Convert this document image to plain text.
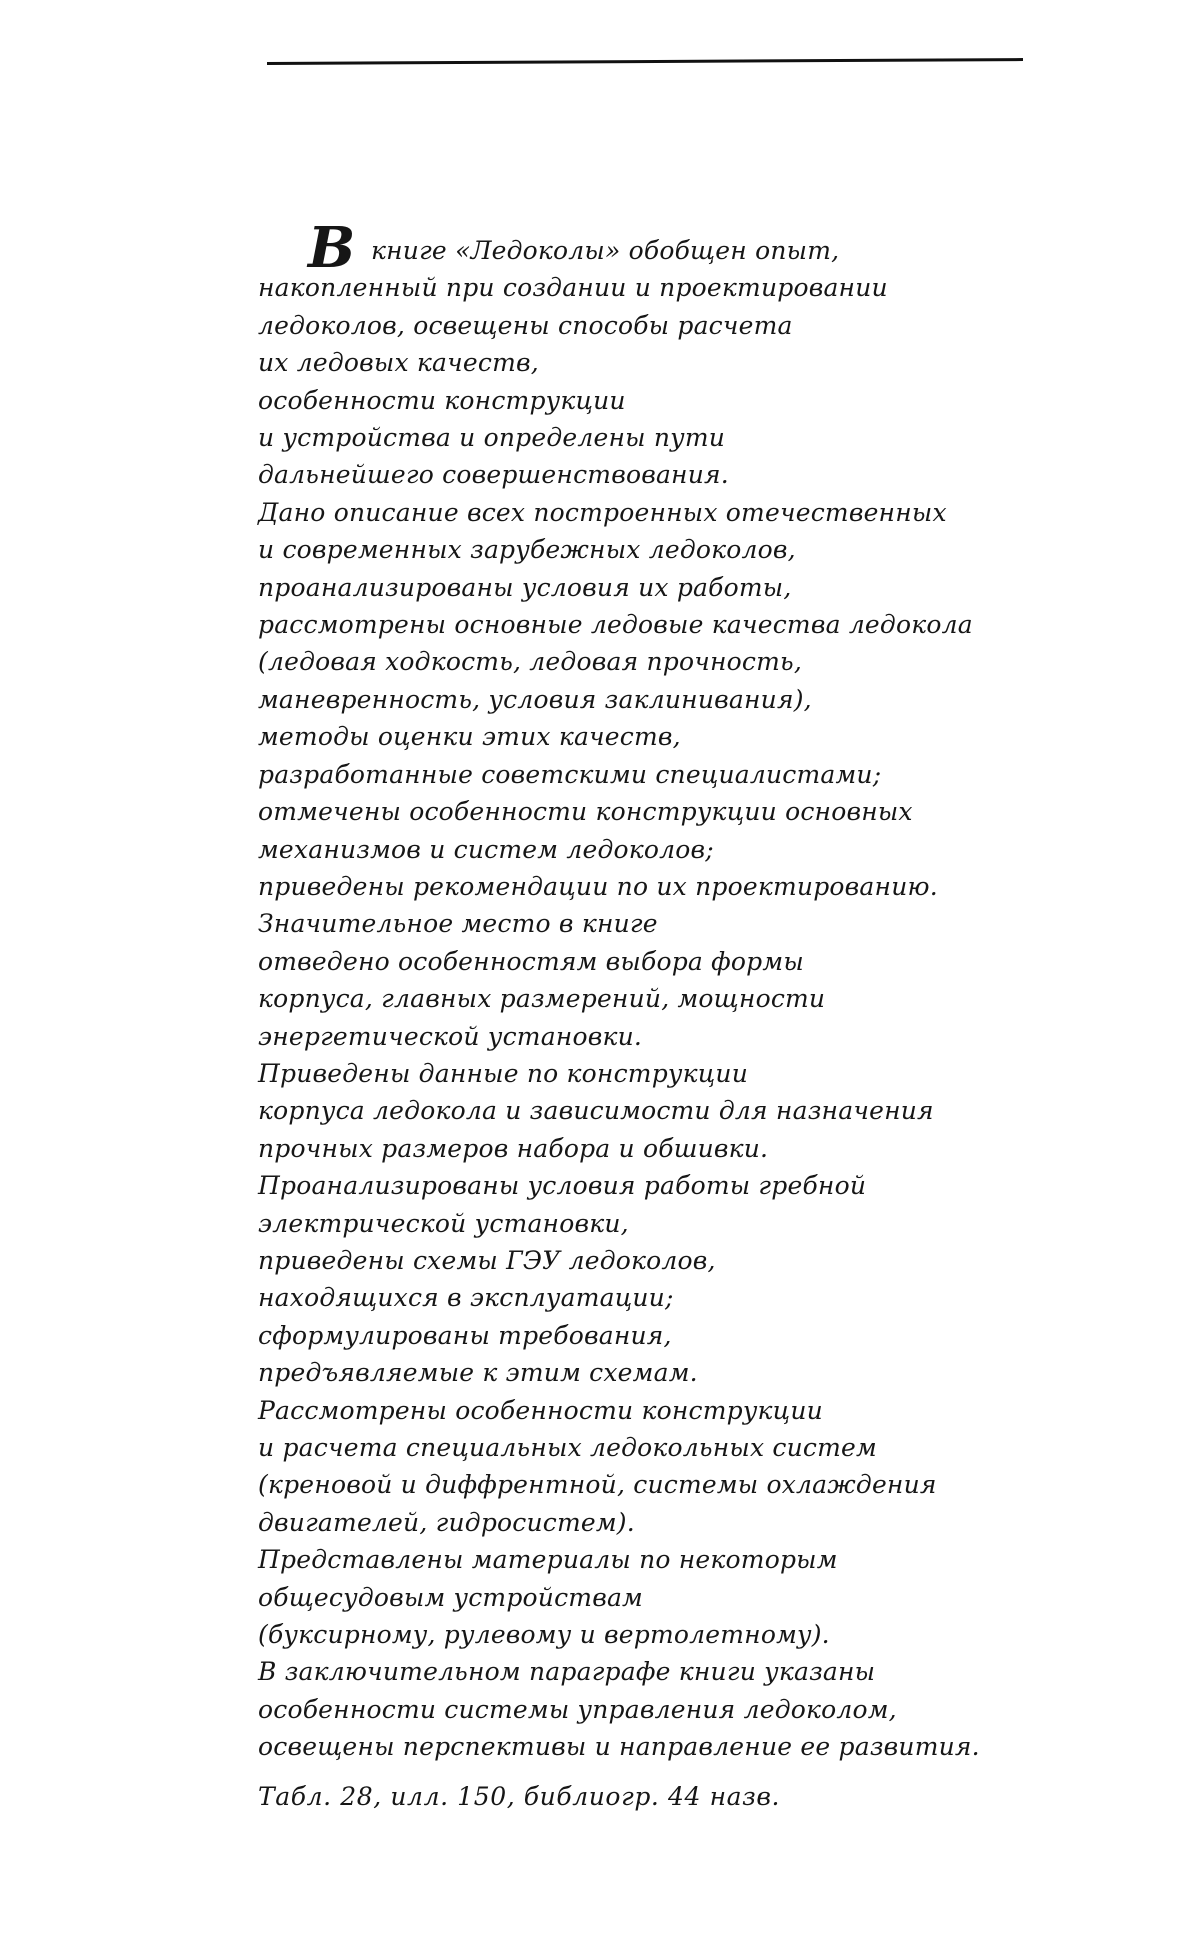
В книге «Ледоколы» обобщен опыт,
накопленный при создании и проектировании
ледоколов, освещены способы расчета
их ледовых качеств,
особенности конструкции
и устройства и определены пути
дальнейшего совершенствования.
Дано описание всех построенных отечественных
и современных зарубежных ледоколов,
проанализированы условия их работы,
рассмотрены основные ледовые качества ледокола
(ледовая ходкость, ледовая прочность,
маневренность, условия заклинивания),
методы оценки этих качеств,
разработанные советскими специалистами;
отмечены особенности конструкции основных
механизмов и систем ледоколов;
приведены рекомендации по их проектированию.
Значительное место в книге
отведено особенностям выбора формы
корпуса, главных размерений, мощности
энергетической установки.
Приведены данные по конструкции
корпуса ледокола и зависимости для назначения
прочных размеров набора и обшивки.
Проанализированы условия работы гребной
электрической установки,
приведены схемы ГЭУ ледоколов,
находящихся в эксплуатации;
сформулированы требования,
предъявляемые к этим схемам.
Рассмотрены особенности конструкции
и расчета специальных ледокольных систем
(креновой и диффрентной, системы охлаждения
двигателей, гидросистем).
Представлены материалы по некоторым
общесудовым устройствам
(буксирному, рулевому и вертолетному).
В заключительном параграфе книги указаны
особенности системы управления ледоколом,
освещены перспективы и направление ее развития.
Табл. 28, илл. 150, библиогр. 44 назв.
